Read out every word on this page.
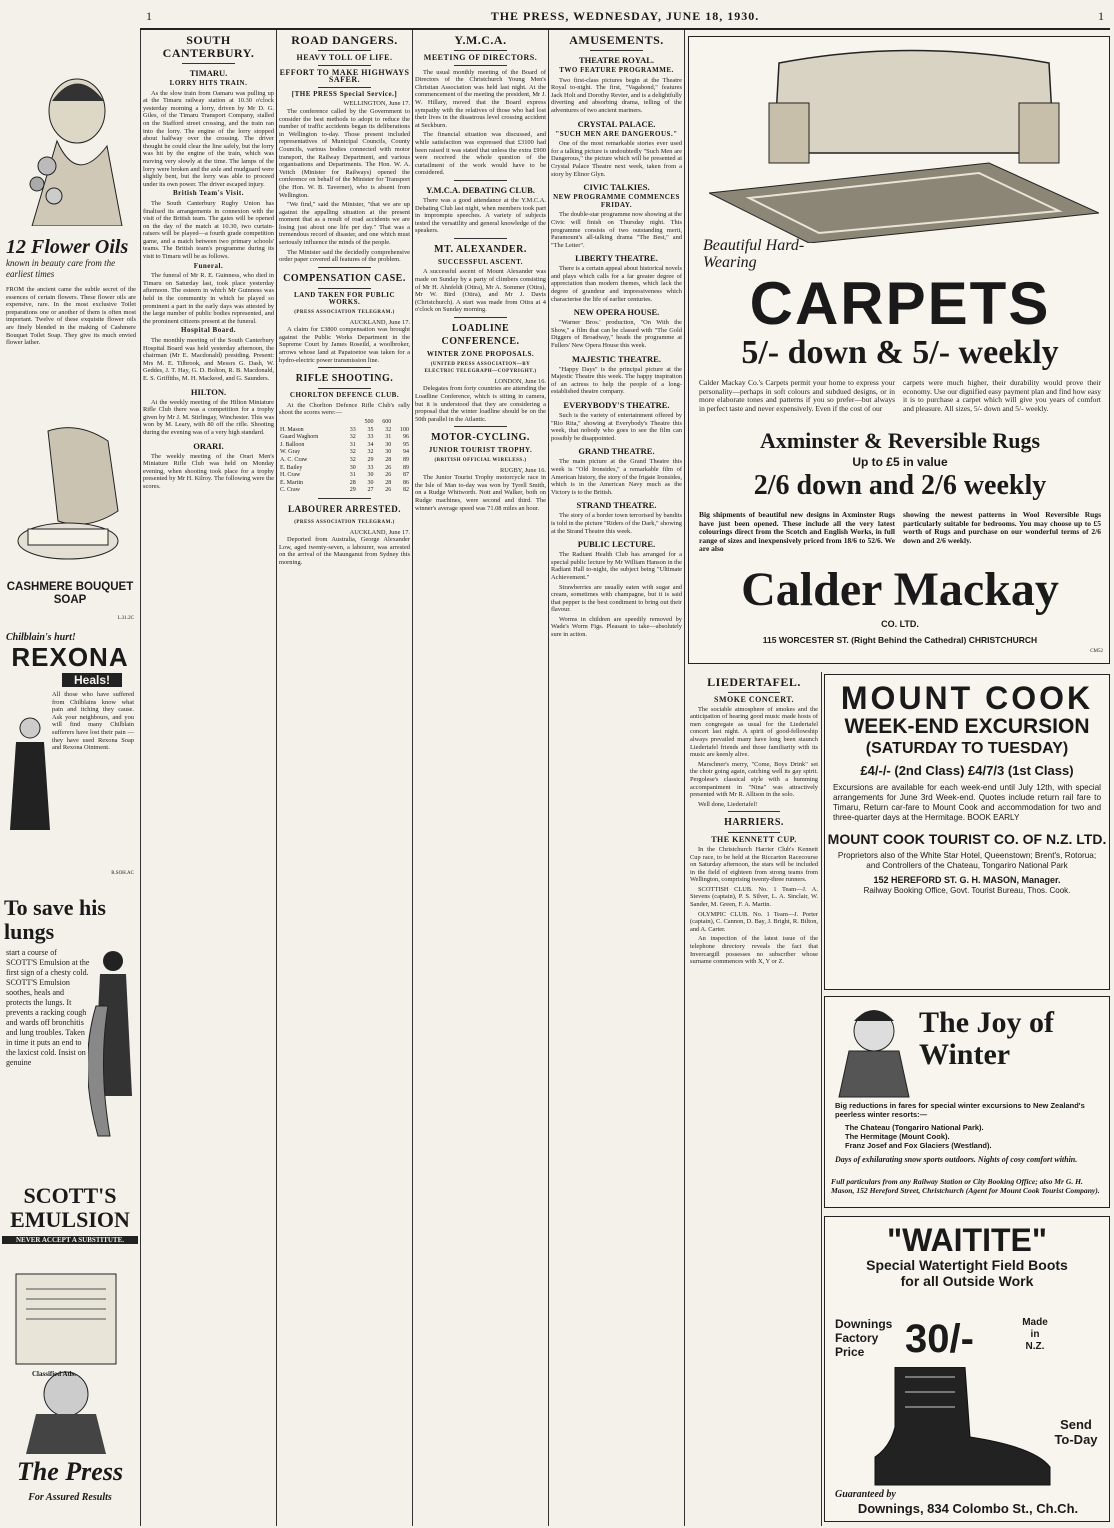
1	THE PRESS, WEDNESDAY, JUNE 18, 1930.	1
12 Flower Oils
known in beauty care from the earliest times
FROM the ancient came the subtle secret of the essences of certain flowers. These flower oils are expensive, rare. In the most exclusive Toilet preparations one or another of them is often most important. Twelve of these exquisite flower oils are finely blended in the making of Cashmere Bouquet Toilet Soap. They give its much envied flower lather.
CASHMERE BOUQUET SOAP
L.31.2C
Chilblain's hurt!
REXONA
Heals!
All those who have suffered from Chilblains know what pain and itching they cause. Ask your neighbours, and you will find many Chilblain sufferers have lost their pain — they have used Rexona Soap and Rexona Ointment.
R.SOH.AC
To save his lungs
start a course of SCOTT'S Emulsion at the first sign of a chesty cold. SCOTT'S Emulsion soothes, heals and protects the lungs. It prevents a racking cough and wards off bronchitis and lung troubles. Taken in time it puts an end to the laxicst cold. Insist on genuine
SCOTT'S EMULSION
NEVER ACCEPT A SUBSTITUTE.
Classified Ads.
The Press
For Assured Results
SOUTH CANTERBURY.
TIMARU.
LORRY HITS TRAIN.

As the slow train from Oamaru was pulling up at the Timaru railway station at 10.30 o'clock yesterday morning a lorry, driven by Mr D. G. Giles, of the Timaru Transport Company, stalled on the Stafford street crossing, and the train ran into the lorry. The engine of the lorry stopped about halfway over the crossing. The driver thought he could clear the line safely, but the lorry was hit by the engine of the train, which was moving very slowly at the time. The lamps of the lorry were broken and the axle and mudguard were slightly bent, but the lorry was able to proceed under its own power. The driver escaped injury.

British Team's Visit.

The South Canterbury Rugby Union has finalised its arrangements in connexion with the visit of the British team. The gates will be opened on the day of the match at 10.30, two curtain-raisers will be played—a fourth grade competition game, and a match between two primary schools' teams. The British team's programme during its visit to Timaru will be as follows.

Funeral.

The funeral of Mr R. E. Guinness, who died in Timaru on Saturday last, took place yesterday afternoon. The esteem in which Mr Guinness was held in the community in which he played so prominent a part in the early days was attested by the large number of public bodies represented, and the prominent citizens present at the funeral.

Hospital Board.

The monthly meeting of the South Canterbury Hospital Board was held yesterday afternoon, the chairman (Mr E. Macdonald) presiding. Present: Mrs M. E. Tilbrook, and Messrs G. Dash, W. Geddes, J. T. Hay, G. D. Bolton, R. B. Macdonald, E. S. Griffiths, M. H. Mackeod, and G. Saunders.

HILTON.

At the weekly meeting of the Hilton Miniature Rifle Club there was a competition for a trophy given by Mr J. M. Stirlingay, Winchester. This was won by M. Leary, with 80 off the rifle. Shooting during the evening was of a very high standard.

ORARI.

The weekly meeting of the Orari Men's Miniature Rifle Club was held on Monday evening, when shooting took place for a trophy presented by Mr H. Kilroy. The following were the scores.

ROAD DANGERS.
HEAVY TOLL OF LIFE.
EFFORT TO MAKE HIGHWAYS SAFER.
[THE PRESS Special Service.]
WELLINGTON, June 17.

The conference called by the Government to consider the best methods to adopt to reduce the number of traffic accidents began its deliberations in Wellington to-day. Those present included representatives of Municipal Councils, County Councils, various bodies connected with motor transport, the Railway Department, and various organisations and Departments. The Hon. W. A. Veitch (Minister for Railways) opened the conference on behalf of the Minister for Transport (the Hon. W. B. Taverner), who is absent from Wellington.

"We find," said the Minister, "that we are up against the appalling situation at the present moment that as a result of road accidents we are losing just about one life per day." That was a tremendous record of disaster, and one which must seriously influence the minds of the people.

The Minister said the decidedly comprehensive order paper covered all features of the problem.

COMPENSATION CASE.
LAND TAKEN FOR PUBLIC WORKS.
(PRESS ASSOCIATION TELEGRAM.)
AUCKLAND, June 17.

A claim for £3800 compensation was brought against the Public Works Department in the Supreme Court by James Roseild, a woolbroker, arrows whose land at Papatoetoe was taken for a hydro-electric power transmission line.

RIFLE SHOOTING.
CHORLTON DEFENCE CLUB.

At the Chorlton Defence Rifle Club's rally shoot the scores were:—

		500	600	
H. Mason	33	35	32	100
Guard Waghorn	32	33	31	96
J. Balloon	31	34	30	95
W. Gray	32	32	30	94
A. C. Craw	32	29	28	89
E. Bailey	30	33	26	89
H. Craw	31	30	26	87
E. Martin	28	30	28	86
C. Craw	29	27	26	82
LABOURER ARRESTED.
(PRESS ASSOCIATION TELEGRAM.)
AUCKLAND, June 17.

Deported from Australia, George Alexander Low, aged twenty-seven, a labourer, was arrested on the arrival of the Maunganui from Sydney this morning.

Y.M.C.A.
MEETING OF DIRECTORS.

The usual monthly meeting of the Board of Directors of the Christchurch Young Men's Christian Association was held last night. At the commencement of the meeting the president, Mr J. W. Hillary, moved that the Board express sympathy with the relatives of those who had lost their lives in the disastrous level crossing accident at Seckburn.

The financial situation was discussed, and while satisfaction was expressed that £3100 had been raised it was stated that unless the extra £900 were received the whole question of the curtailment of the work would have to be considered.

Y.M.C.A. DEBATING CLUB.

There was a good attendance at the Y.M.C.A. Debating Club last night, when members took part in impromptu speeches. A variety of subjects tested the versatility and general knowledge of the speakers.

MT. ALEXANDER.
SUCCESSFUL ASCENT.

A successful ascent of Mount Alexander was made on Sunday by a party of climbers consisting of Mr H. Ahnfeldt (Otira), Mr A. Sommer (Otira), Mr W. Bird (Otira), and Mr J. Davis (Christchurch). A start was made from Otira at 4 o'clock on Sunday morning.

LOADLINE CONFERENCE.
WINTER ZONE PROPOSALS.
(UNITED PRESS ASSOCIATION—BY ELECTRIC TELEGRAPH—COPYRIGHT.)
LONDON, June 16.

Delegates from forty countries are attending the Loadline Conference, which is sitting in camera, but it is understood that they are considering a proposal that the winter loadline should be on the 50th parallel in the Atlantic.

MOTOR-CYCLING.
JUNIOR TOURIST TROPHY.
(BRITISH OFFICIAL WIRELESS.)
RUGBY, June 16.

The Junior Tourist Trophy motorcycle race in the Isle of Man to-day was won by Tyrell Smith, on a Rudge Whitworth. Nott and Walker, both on Rudge machines, were second and third. The winner's average speed was 71.08 miles an hour.

AMUSEMENTS.
THEATRE ROYAL.
TWO FEATURE PROGRAMME.

Two first-class pictures begin at the Theatre Royal to-night. The first, "Vagabond," features Jack Holt and Dorothy Revier, and is a delightfully diverting and absorbing drama, telling of the adventures of two ancient mariners.

CRYSTAL PALACE.
"SUCH MEN ARE DANGEROUS."

One of the most remarkable stories ever used for a talking picture is undoubtedly "Such Men are Dangerous," the picture which will be presented at Crystal Palace Theatre next week, taken from a story by Elinor Glyn.

CIVIC TALKIES.
NEW PROGRAMME COMMENCES FRIDAY.

The double-star programme now showing at the Civic will finish on Thursday night. This programme consists of two outstanding merit, Paramount's all-talking drama "The Best," and "The Letter".

LIBERTY THEATRE.

There is a certain appeal about historical novels and plays which calls for a far greater degree of appreciation than modern themes, which lack the degree of grandeur and impressiveness which characterise the life of earlier centuries.

NEW OPERA HOUSE.

"Warner Bros.' production, "On With the Show," a film that can be classed with "The Gold Diggers of Broadway," heads the programme at Fullers' New Opera House this week.

MAJESTIC THEATRE.

"Happy Days" is the principal picture at the Majestic Theatre this week. The happy inspiration of an actress to help the people of a long-established theatre company.

EVERYBODY'S THEATRE.

Such is the variety of entertainment offered by "Rio Rita," showing at Everybody's Theatre this week, that nobody who goes to see the film can possibly be disappointed.

GRAND THEATRE.

The main picture at the Grand Theatre this week is "Old Ironsides," a remarkable film of American history, the story of the frigate Ironsides, which is in the American Navy much as the Victory is to the British.

STRAND THEATRE.

The story of a border town terrorised by bandits is told in the picture "Riders of the Dark," showing at the Strand Theatre this week.

PUBLIC LECTURE.

The Radiant Health Club has arranged for a special public lecture by Mr William Hanson in the Radiant Hall to-night, the subject being "Ultimate Achievement."

Strawberries are usually eaten with sugar and cream, sometimes with champagne, but it is said that pepper is the best condiment to bring out their flavour.

Worms in children are speedily removed by Wade's Worm Figs. Pleasant to take—absolutely sure in action.

Beautiful Hard-Wearing
CARPETS
5/- down & 5/- weekly
Calder Mackay Co.'s Carpets permit your home to express your personality—perhaps in soft colours and subdued designs, or in more elaborate tones and patterns if you so prefer—but always in perfect taste and never expensively. Even if the cost of our
carpets were much higher, their durability would prove their economy. Use our dignified easy payment plan and find how easy it is to purchase a carpet which will give you years of comfort and pleasure. All sizes, 5/- down and 5/- weekly.
Axminster & Reversible Rugs
Up to £5 in value
2/6 down and 2/6 weekly
Big shipments of beautiful new designs in Axminster Rugs have just been opened. These include all the very latest colourings direct from the Scotch and English Works, in full range of sizes and inexpensively priced from 18/6 to 52/6. We are also
showing the newest patterns in Wool Reversible Rugs particularly suitable for bedrooms. You may choose up to £5 worth of Rugs and purchase on our wonderful terms of 2/6 down and 2/6 weekly.
Calder Mackay
CO. LTD.
115 WORCESTER ST. (Right Behind the Cathedral) CHRISTCHURCH
CM52
LIEDERTAFEL.
SMOKE CONCERT.

The sociable atmosphere of smokes and the anticipation of hearing good music made hosts of men congregate as usual for the Liedertafel concert last night. A spirit of good-fellowship always prevailed many have long been staunch Liedertafel friends and those familiarity with its music are keenly alive.

Marschner's merry, "Come, Boys Drink" set the choir going again, catching well its gay spirit. Pergolese's classical style with a humming accompaniment in "Nina" was attractively presented with Mr R. Allison in the solo.

Well done, Liedertafel!

HARRIERS.
THE KENNETT CUP.

In the Christchurch Harrier Club's Kennett Cup race, to be held at the Riccarton Racecourse on Saturday afternoon, the stars will be included in the field of eighteen from strong teams from Wellington, comprising twenty-three runners.

SCOTTISH CLUB. No. 1 Team—J. A. Stevens (captain), P. S. Silver, L. A. Sinclair, W. Sander, M. Green, F. A. Martin.

OLYMPIC CLUB. No. 1 Team—J. Porter (captain), C. Cannon, D. Bay, J. Bright, R. Bilton, and A. Carter.

An inspection of the latest issue of the telephone directory reveals the fact that Invercargill possesses no subscriber whose surname commences with X, Y or Z.

MOUNT COOK
WEEK-END EXCURSION
(SATURDAY TO TUESDAY)
£4/-/- (2nd Class) £4/7/3 (1st Class)
Excursions are available for each week-end until July 12th, with special arrangements for June 3rd Week-end. Quotes include return rail fare to Timaru, Return car-fare to Mount Cook and accommodation for two and three-quarter days at the Hermitage. BOOK EARLY
MOUNT COOK TOURIST CO. OF N.Z. LTD.
Proprietors also of the White Star Hotel, Queenstown; Brent's, Rotorua; and Controllers of the Chateau, Tongariro National Park
152 HEREFORD ST. G. H. MASON, Manager.
Railway Booking Office, Govt. Tourist Bureau, Thos. Cook.
The Joy of Winter
Big reductions in fares for special winter excursions to New Zealand's peerless winter resorts:—
The Chateau (Tongariro National Park).
The Hermitage (Mount Cook).
Franz Josef and Fox Glaciers (Westland).
Days of exhilarating snow sports outdoors. Nights of cosy comfort within.
Full particulars from any Railway Station or City Booking Office; also Mr G. H. Mason, 152 Hereford Street, Christchurch (Agent for Mount Cook Tourist Company).
"WAITITE"
Special Watertight Field Boots for all Outside Work
Downings Factory Price	30/-	Made in N.Z.
Send To-Day
Guaranteed by
Downings, 834 Colombo St., Ch.Ch.
